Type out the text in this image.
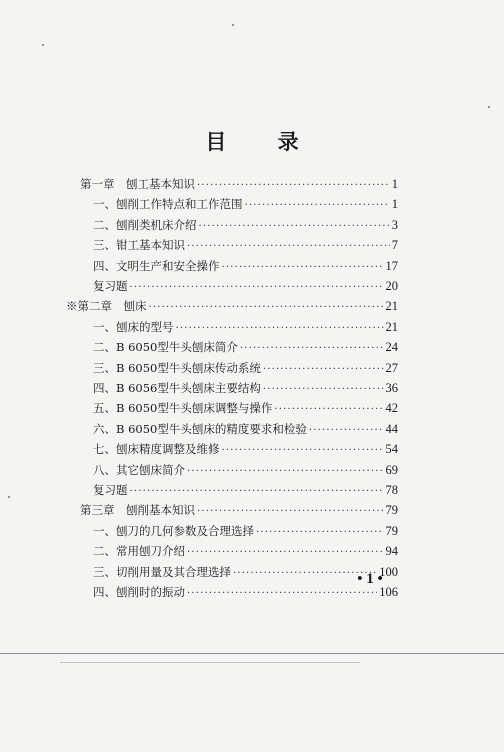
目 录
第一章　刨工基本知识 ·····	1
一、刨削工作特点和工作范围 ·····	1
二、刨削类机床介绍 ·····	3
三、钳工基本知识 ·····	7
四、文明生产和安全操作 ·····	17
复习题 ·····	20
※第二章　刨床 ·····	21
一、刨床的型号 ·····	21
二、B 6050型牛头刨床简介 ·····	24
三、B 6050型牛头刨床传动系统 ·····	27
四、B 6056型牛头刨床主要结构 ·····	36
五、B 6050型牛头刨床调整与操作 ·····	42
六、B 6050型牛头刨床的精度要求和检验 ·····	44
七、刨床精度调整及维修 ·····	54
八、其它刨床简介 ·····	69
复习题 ·····	78
第三章　刨削基本知识 ·····	79
一、刨刀的几何参数及合理选择 ·····	79
二、常用刨刀介绍 ·····	94
三、切削用量及其合理选择 ·····	100
四、刨削时的振动 ·····	106
• 1 •
